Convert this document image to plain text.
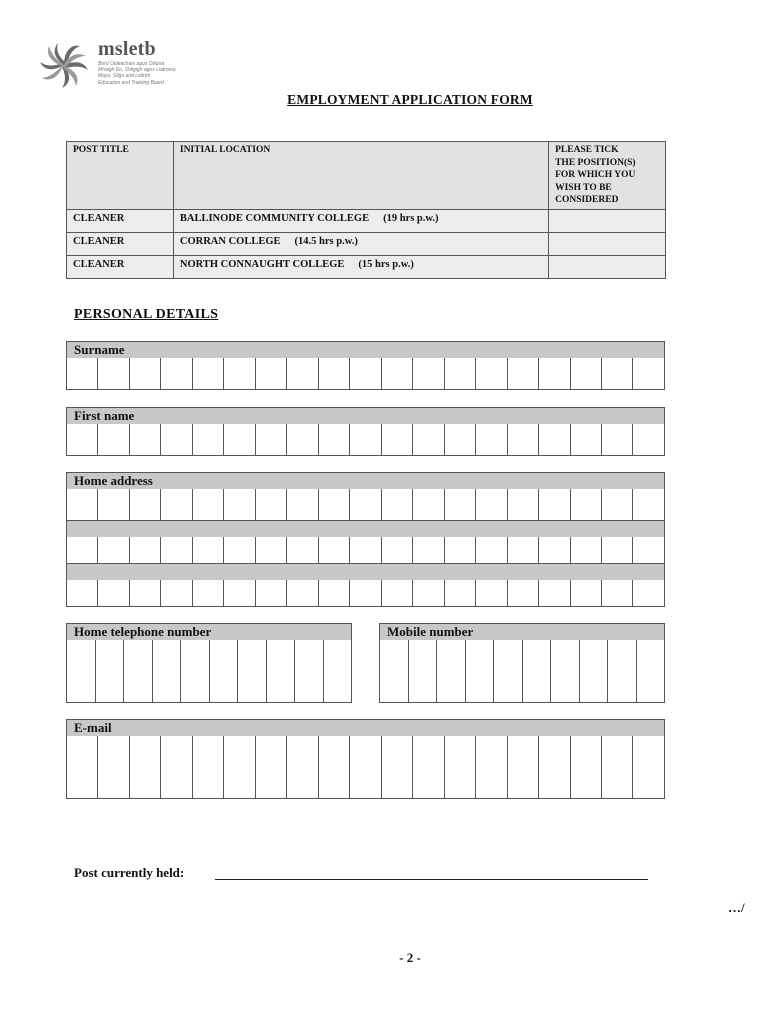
msletb
Bord Oideachais agus Oiliúna
Mhaigh Eo, Shligigh agus Liatroma
Mayo, Sligo and Leitrim
Education and Training Board
EMPLOYMENT APPLICATION FORM
POST TITLE	INITIAL LOCATION	PLEASE TICK
THE POSITION(S)
FOR WHICH YOU
WISH TO BE
CONSIDERED

CLEANER	BALLINODE COMMUNITY COLLEGE (19 hrs p.w.)	
CLEANER	CORRAN COLLEGE (14.5 hrs p.w.)	
CLEANER	NORTH CONNAUGHT COLLEGE (15 hrs p.w.)	
PERSONAL DETAILS
Surname
First name
Home address
Home telephone number	Mobile number
E-mail
Post currently held:
…/
- 2 -
